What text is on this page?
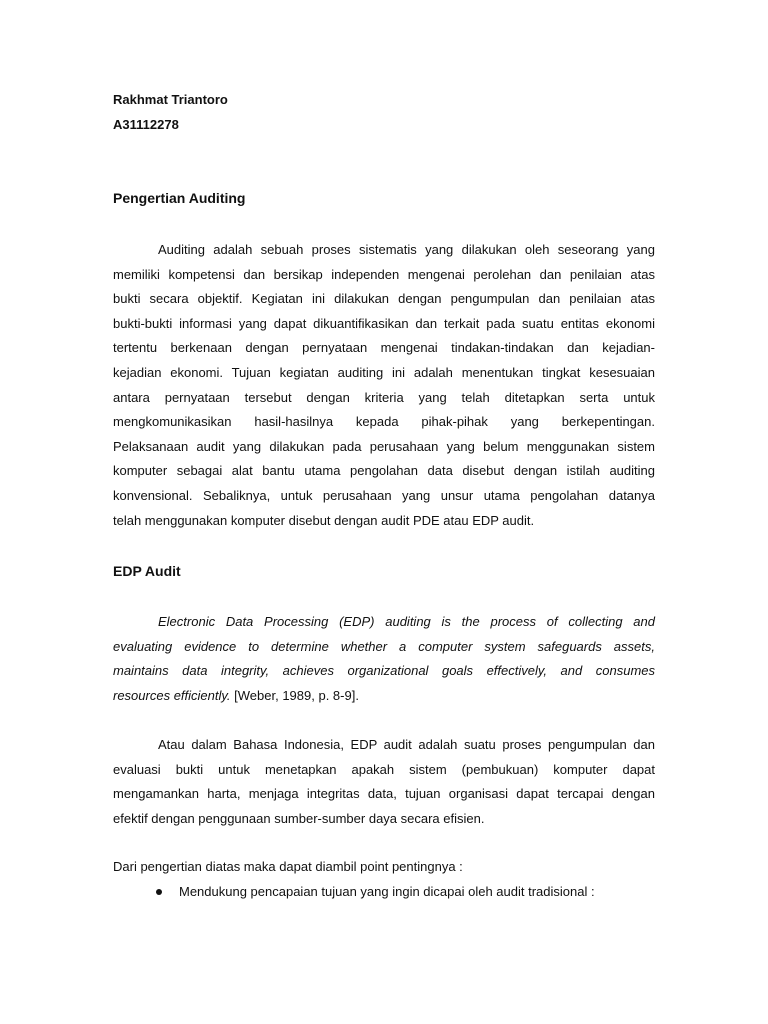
Rakhmat Triantoro
A31112278
Pengertian Auditing

Auditing adalah sebuah proses sistematis yang dilakukan oleh seseorang yang
memiliki kompetensi dan bersikap independen mengenai perolehan dan penilaian atas
bukti secara objektif. Kegiatan ini dilakukan dengan pengumpulan dan penilaian atas
bukti-bukti informasi yang dapat dikuantifikasikan dan terkait pada suatu entitas ekonomi
tertentu berkenaan dengan pernyataan mengenai tindakan-tindakan dan kejadian-
kejadian ekonomi. Tujuan kegiatan auditing ini adalah menentukan tingkat kesesuaian
antara pernyataan tersebut dengan kriteria yang telah ditetapkan serta untuk
mengkomunikasikan hasil-hasilnya kepada pihak-pihak yang berkepentingan.
Pelaksanaan audit yang dilakukan pada perusahaan yang belum menggunakan sistem
komputer sebagai alat bantu utama pengolahan data disebut dengan istilah auditing
konvensional. Sebaliknya, untuk perusahaan yang unsur utama pengolahan datanya
telah menggunakan komputer disebut dengan audit PDE atau EDP audit.

EDP Audit

Electronic Data Processing (EDP) auditing is the process of collecting and
evaluating evidence to determine whether a computer system safeguards assets,
maintains data integrity, achieves organizational goals effectively, and consumes
resources efficiently. [Weber, 1989, p. 8-9].

Atau dalam Bahasa Indonesia, EDP audit adalah suatu proses pengumpulan dan
evaluasi bukti untuk menetapkan apakah sistem (pembukuan) komputer dapat
mengamankan harta, menjaga integritas data, tujuan organisasi dapat tercapai dengan
efektif dengan penggunaan sumber-sumber daya secara efisien.

Dari pengertian diatas maka dapat diambil point pentingnya :

Mendukung pencapaian tujuan yang ingin dicapai oleh audit tradisional :
